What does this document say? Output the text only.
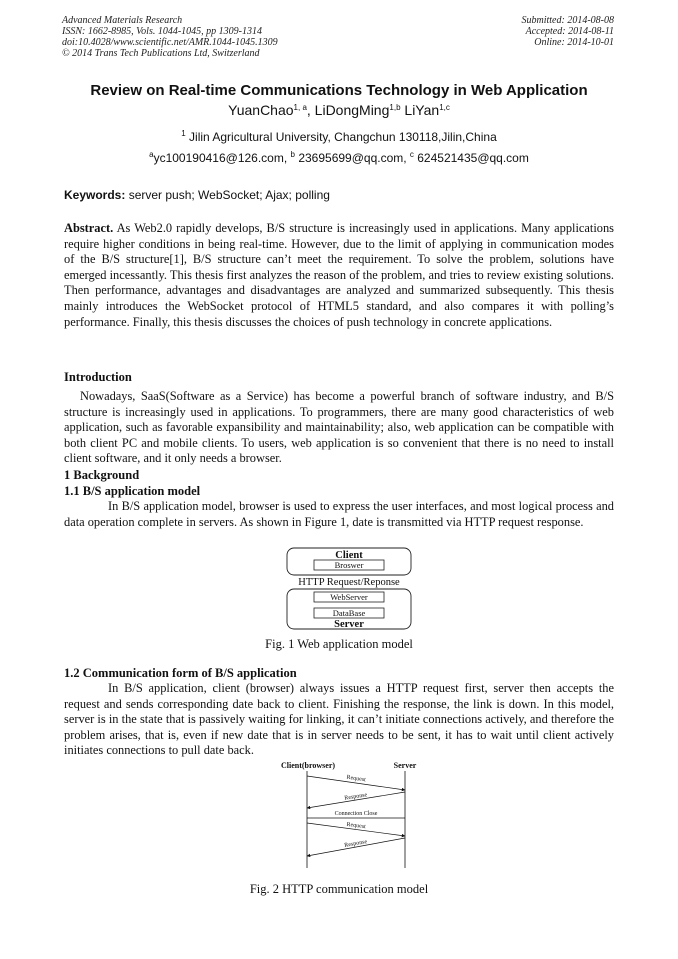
Advanced Materials Research
ISSN: 1662-8985, Vols. 1044-1045, pp 1309-1314
doi:10.4028/www.scientific.net/AMR.1044-1045.1309
© 2014 Trans Tech Publications Ltd, Switzerland
Submitted: 2014-08-08
Accepted: 2014-08-11
Online: 2014-10-01
Review on Real-time Communications Technology in Web Application
YuanChao$^{1, a}$, LiDongMing$^{1,b}$ LiYan$^{1,c}$
$^1$ Jilin Agricultural University, Changchun 130118,Jilin,China
$^a$yc100190416@126.com, $^b$ 23695699@qq.com, $^c$ 624521435@qq.com
Keywords: server push; WebSocket; Ajax; polling
Abstract. As Web2.0 rapidly develops, B/S structure is increasingly used in applications. Many applications require higher conditions in being real-time. However, due to the limit of applying in communication modes of the B/S structure[1], B/S structure can’t meet the requirement. To solve the problem, solutions have emerged incessantly. This thesis first analyzes the reason of the problem, and tries to review existing solutions. Then performance, advantages and disadvantages are analyzed and summarized subsequently. This thesis mainly introduces the WebSocket protocol of HTML5 standard, and also compares it with polling’s performance. Finally, this thesis discusses the choices of push technology in concrete applications.
Introduction
Nowadays, SaaS(Software as a Service) has become a powerful branch of software industry, and B/S structure is increasingly used in applications. To programmers, there are many good characteristics of web application, such as favorable expansibility and maintainability; also, web application can be compatible with both client PC and mobile clients. To users, web application is so convenient that there is no need to install client software, and it only needs a browser.
1 Background
1.1 B/S application model
In B/S application model, browser is used to express the user interfaces, and most logical process and data operation complete in servers. As shown in Figure 1, date is transmitted via HTTP request response.
Client
Broswer
HTTP Request/Reponse
WebServer
DataBase
Server
Fig. 1 Web application model
1.2 Communication form of B/S application
In B/S application, client (browser) always issues a HTTP request first, server then accepts the request and sends corresponding date back to client. Finishing the response, the link is down. In this model, server is in the state that is passively waiting for linking, it can’t initiate connections actively, and therefore the problem arises, that is, even if new date that is in server needs to be sent, it has to wait until client actively initiates connections to pull date back.
Client(browser)	Server
Request
Response
Connection Close
Request
Response
Fig. 2 HTTP communication model
